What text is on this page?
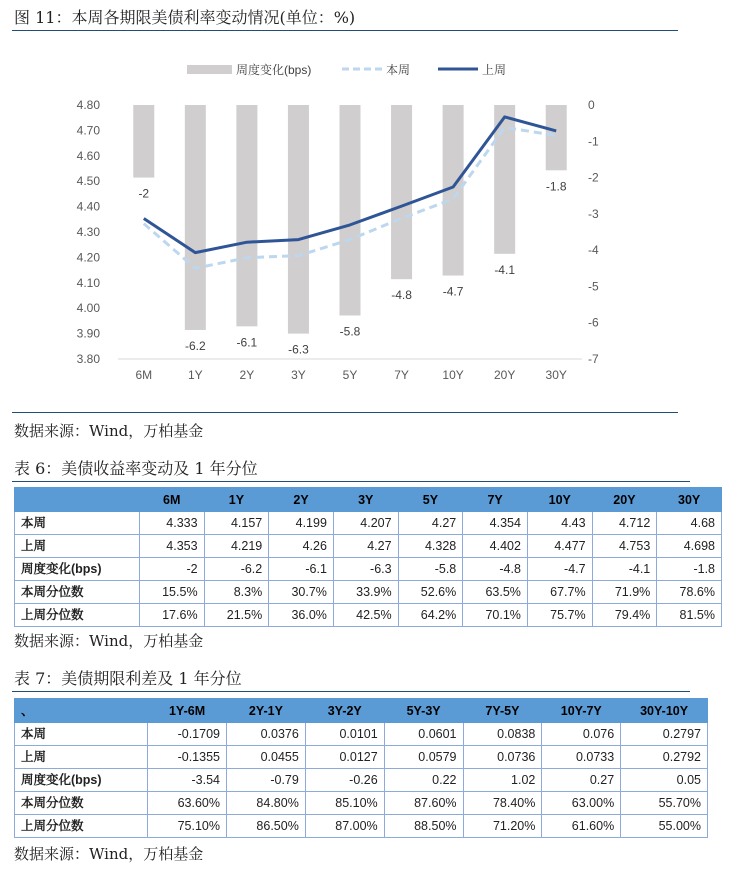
图 11：本周各期限美债利率变动情况(单位：%)
周度变化(bps)	本周	上周
3.80
3.90
4.00
4.10
4.20
4.30
4.40
4.50
4.60
4.70
4.80
-7
-6
-5
-4
-3
-2
-1
0
6M	1Y	2Y	3Y	5Y	7Y	10Y	20Y	30Y
-2
-6.2	-6.1
-6.3
-5.8
-4.8	-4.7
-4.1
-1.8
数据来源：Wind，万柏基金
表 6：美债收益率变动及 1 年分位
	6M	1Y	2Y	3Y	5Y	7Y	10Y	20Y	30Y
本周	4.333	4.157	4.199	4.207	4.27	4.354	4.43	4.712	4.68
上周	4.353	4.219	4.26	4.27	4.328	4.402	4.477	4.753	4.698
周度变化(bps)	-2	-6.2	-6.1	-6.3	-5.8	-4.8	-4.7	-4.1	-1.8
本周分位数	15.5%	8.3%	30.7%	33.9%	52.6%	63.5%	67.7%	71.9%	78.6%
上周分位数	17.6%	21.5%	36.0%	42.5%	64.2%	70.1%	75.7%	79.4%	81.5%
数据来源：Wind，万柏基金
表 7：美债期限利差及 1 年分位
、	1Y-6M	2Y-1Y	3Y-2Y	5Y-3Y	7Y-5Y	10Y-7Y	30Y-10Y
本周	-0.1709	0.0376	0.0101	0.0601	0.0838	0.076	0.2797
上周	-0.1355	0.0455	0.0127	0.0579	0.0736	0.0733	0.2792
周度变化(bps)	-3.54	-0.79	-0.26	0.22	1.02	0.27	0.05
本周分位数	63.60%	84.80%	85.10%	87.60%	78.40%	63.00%	55.70%
上周分位数	75.10%	86.50%	87.00%	88.50%	71.20%	61.60%	55.00%
数据来源：Wind，万柏基金
